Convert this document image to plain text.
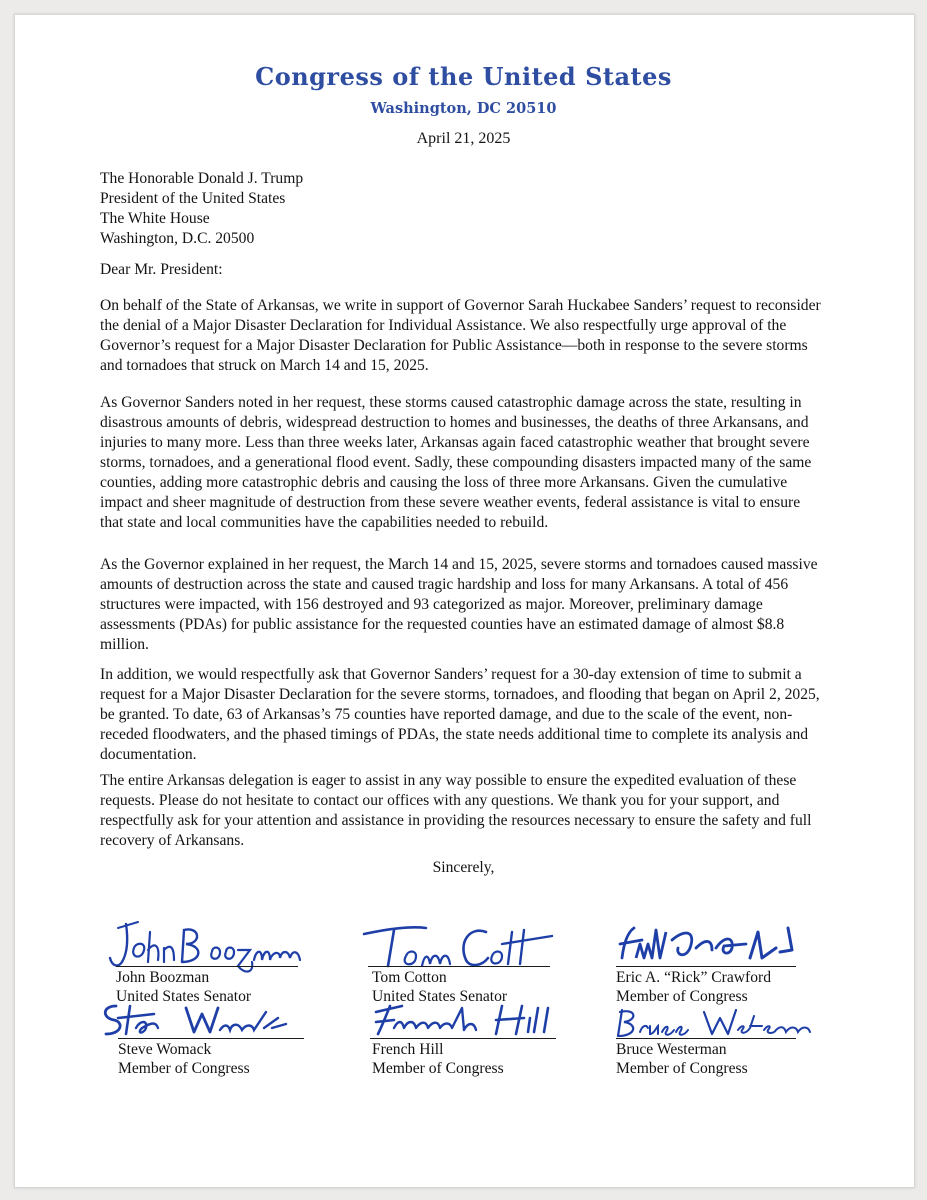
Congress of the United States
Washington, DC 20510
April 21, 2025
The Honorable Donald J. Trump
President of the United States
The White House
Washington, D.C. 20500
Dear Mr. President:

On behalf of the State of Arkansas, we write in support of Governor Sarah Huckabee Sanders’ request to reconsider the denial of a Major Disaster Declaration for Individual Assistance. We also respectfully urge approval of the Governor’s request for a Major Disaster Declaration for Public Assistance—both in response to the severe storms and tornadoes that struck on March 14 and 15, 2025.

As Governor Sanders noted in her request, these storms caused catastrophic damage across the state, resulting in disastrous amounts of debris, widespread destruction to homes and businesses, the deaths of three Arkansans, and injuries to many more. Less than three weeks later, Arkansas again faced catastrophic weather that brought severe storms, tornadoes, and a generational flood event. Sadly, these compounding disasters impacted many of the same counties, adding more catastrophic debris and causing the loss of three more Arkansans. Given the cumulative impact and sheer magnitude of destruction from these severe weather events, federal assistance is vital to ensure that state and local communities have the capabilities needed to rebuild.

As the Governor explained in her request, the March 14 and 15, 2025, severe storms and tornadoes caused massive amounts of destruction across the state and caused tragic hardship and loss for many Arkansans. A total of 456 structures were impacted, with 156 destroyed and 93 categorized as major. Moreover, preliminary damage assessments (PDAs) for public assistance for the requested counties have an estimated damage of almost $8.8 million.

In addition, we would respectfully ask that Governor Sanders’ request for a 30-day extension of time to submit a request for a Major Disaster Declaration for the severe storms, tornadoes, and flooding that began on April 2, 2025, be granted. To date, 63 of Arkansas’s 75 counties have reported damage, and due to the scale of the event, non-receded floodwaters, and the phased timings of PDAs, the state needs additional time to complete its analysis and documentation.

The entire Arkansas delegation is eager to assist in any way possible to ensure the expedited evaluation of these requests. Please do not hesitate to contact our offices with any questions. We thank you for your support, and respectfully ask for your attention and assistance in providing the resources necessary to ensure the safety and full recovery of Arkansans.

Sincerely,
John Boozman
United States Senator
Tom Cotton
United States Senator
Eric A. “Rick” Crawford
Member of Congress
Steve Womack
Member of Congress
French Hill
Member of Congress
Bruce Westerman
Member of Congress
